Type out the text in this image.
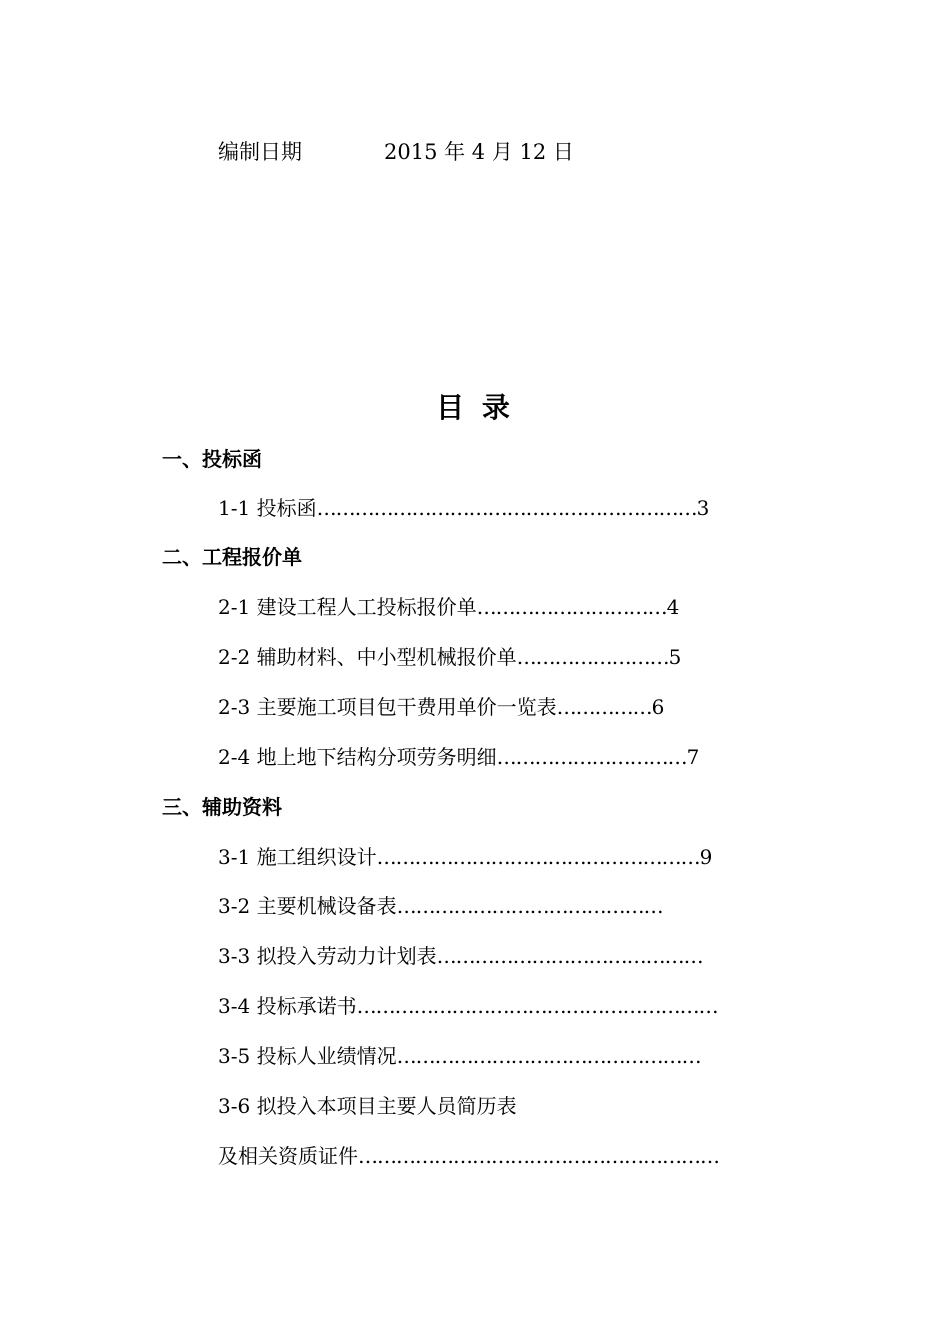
编制日期	2015 年 4 月 12 日
目 录
一、投标函
1-1 投标函……………………………………………………3
二、工程报价单
2-1 建设工程人工投标报价单…………………………4
2-2 辅助材料、中小型机械报价单……………………5
2-3 主要施工项目包干费用单价一览表……………6
2-4 地上地下结构分项劳务明细…………………………7
三、辅助资料
3-1 施工组织设计……………………………………………9
3-2 主要机械设备表……………………………………
3-3 拟投入劳动力计划表……………………………………
3-4 投标承诺书…………………………………………………
3-5 投标人业绩情况…………………………………………
3-6 拟投入本项目主要人员简历表
及相关资质证件…………………………………………………
